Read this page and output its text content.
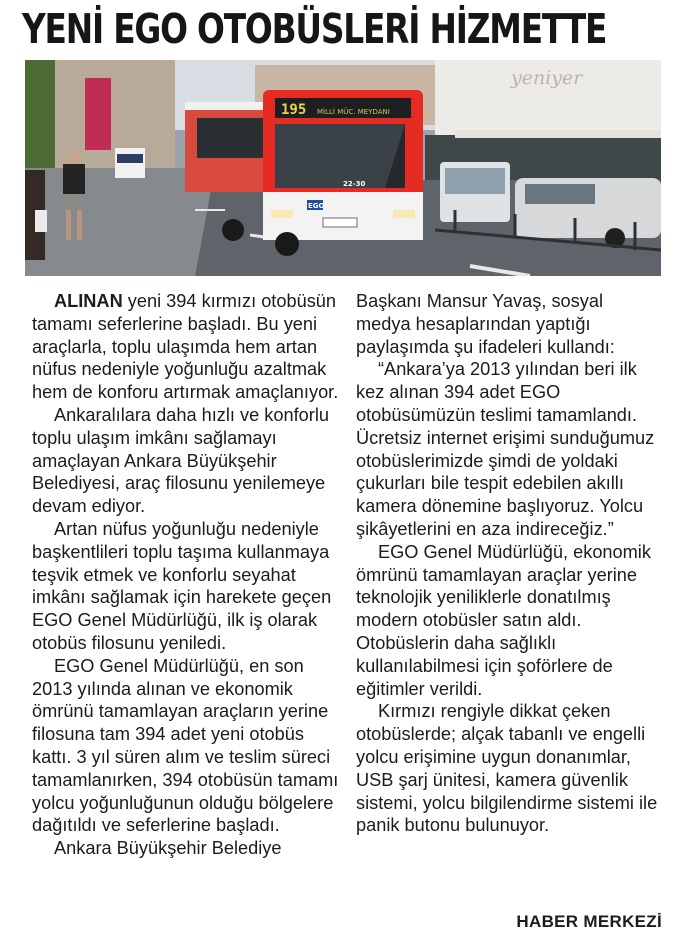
YENİ EGO OTOBÜSLERİ HİZMETTE
yeniyer
195 MİLLİ MÜC. MEYDANI
EGO
22-30

ALINAN yeni 394 kırmızı otobüsün tamamı seferlerine başladı. Bu yeni araçlarla, toplu ulaşımda hem artan nüfus nedeniyle yoğunluğu azaltmak hem de konforu artırmak amaçlanıyor.

Ankaralılara daha hızlı ve konforlu toplu ulaşım imkânı sağlamayı amaçlayan Ankara Büyükşehir Belediyesi, araç filosunu yenilemeye devam ediyor.

Artan nüfus yoğunluğu nedeniyle başkentlileri toplu taşıma kullanmaya teşvik etmek ve konforlu seyahat imkânı sağlamak için harekete geçen EGO Genel Müdürlüğü, ilk iş olarak otobüs filosunu yeniledi.

EGO Genel Müdürlüğü, en son 2013 yılında alınan ve ekonomik ömrünü tamamlayan araçların yerine filosuna tam 394 adet yeni otobüs kattı. 3 yıl süren alım ve teslim süreci tamamlanırken, 394 otobüsün tamamı yolcu yoğunluğunun olduğu bölgelere dağıtıldı ve seferlerine başladı.

Ankara Büyükşehir Belediye

Başkanı Mansur Yavaş, sosyal medya hesaplarından yaptığı paylaşımda şu ifadeleri kullandı:

“Ankara’ya 2013 yılından beri ilk kez alınan 394 adet EGO otobüsümüzün teslimi tamamlandı. Ücretsiz internet erişimi sunduğumuz otobüslerimizde şimdi de yoldaki çukurları bile tespit edebilen akıllı kamera dönemine başlıyoruz. Yolcu şikâyetlerini en aza indireceğiz.”

EGO Genel Müdürlüğü, ekonomik ömrünü tamamlayan araçlar yerine teknolojik yeniliklerle donatılmış modern otobüsler satın aldı. Otobüslerin daha sağlıklı kullanılabilmesi için şoförlere de eğitimler verildi.

Kırmızı rengiyle dikkat çeken otobüslerde; alçak tabanlı ve engelli yolcu erişimine uygun donanımlar, USB şarj ünitesi, kamera güvenlik sistemi, yolcu bilgilendirme sistemi ile panik butonu bulunuyor.

HABER MERKEZİ
